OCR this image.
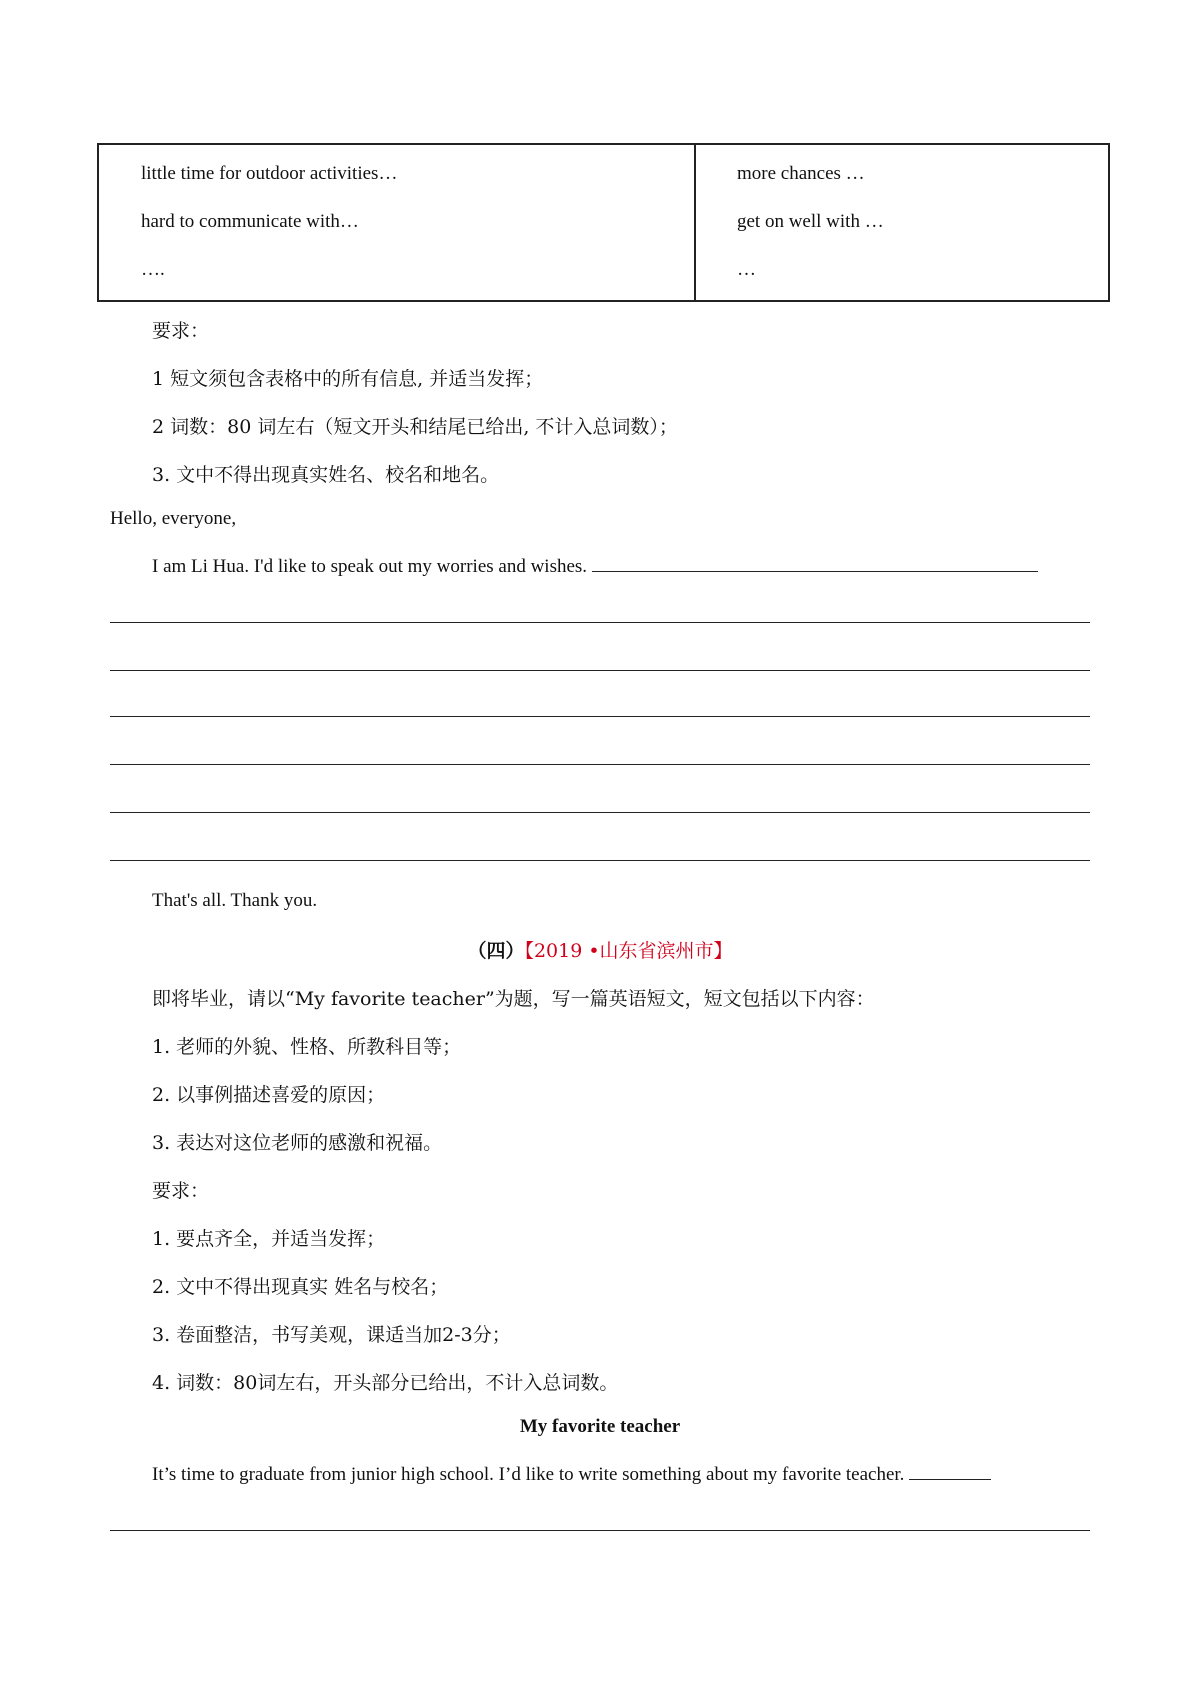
little time for outdoor activities…
hard to communicate with…
….
more chances …
get on well with …
…
要求：
1 短文须包含表格中的所有信息, 并适当发挥；
2 词数：80 词左右（短文开头和结尾已给出, 不计入总词数）；
3. 文中不得出现真实姓名、校名和地名。
Hello, everyone,
I am Li Hua. I'd like to speak out my worries and wishes.
That's all. Thank you.
（四）【2019 •山东省滨州市】
即将毕业，请以“My favorite teacher”为题，写一篇英语短文，短文包括以下内容：
1. 老师的外貌、性格、所教科目等；
2. 以事例描述喜爱的原因；
3. 表达对这位老师的感激和祝福。
要求：
1. 要点齐全，并适当发挥；
2. 文中不得出现真实 姓名与校名；
3. 卷面整洁，书写美观，课适当加2-3分；
4. 词数：80词左右，开头部分已给出，不计入总词数。
My favorite teacher
It’s time to graduate from junior high school. I’d like to write something about my favorite teacher.
